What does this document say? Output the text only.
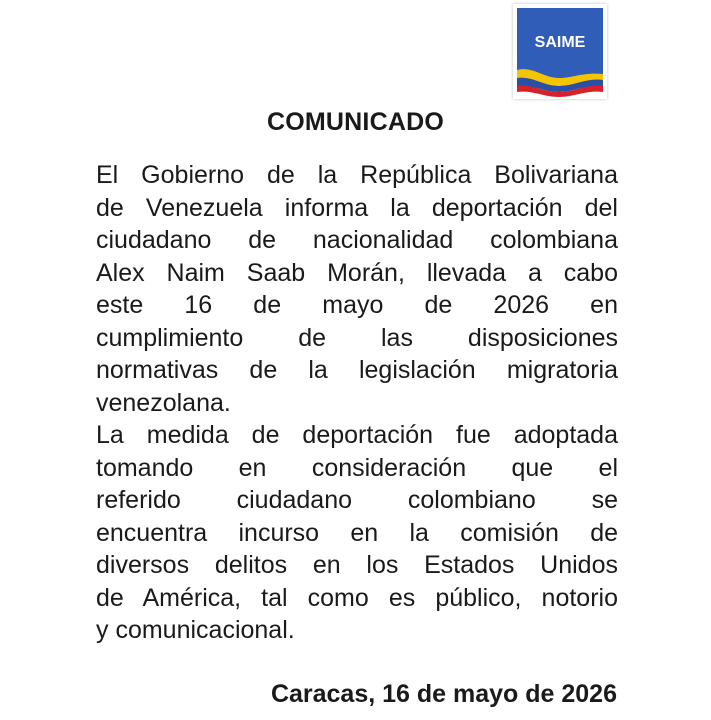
SAIME
COMUNICADO
El Gobierno de la República Bolivariana
de Venezuela informa la deportación del
ciudadano de nacionalidad colombiana
Alex Naim Saab Morán, llevada a cabo
este 16 de mayo de 2026 en
cumplimiento de las disposiciones
normativas de la legislación migratoria
venezolana.
La medida de deportación fue adoptada
tomando en consideración que el
referido ciudadano colombiano se
encuentra incurso en la comisión de
diversos delitos en los Estados Unidos
de América, tal como es público, notorio
y comunicacional.
Caracas, 16 de mayo de 2026
